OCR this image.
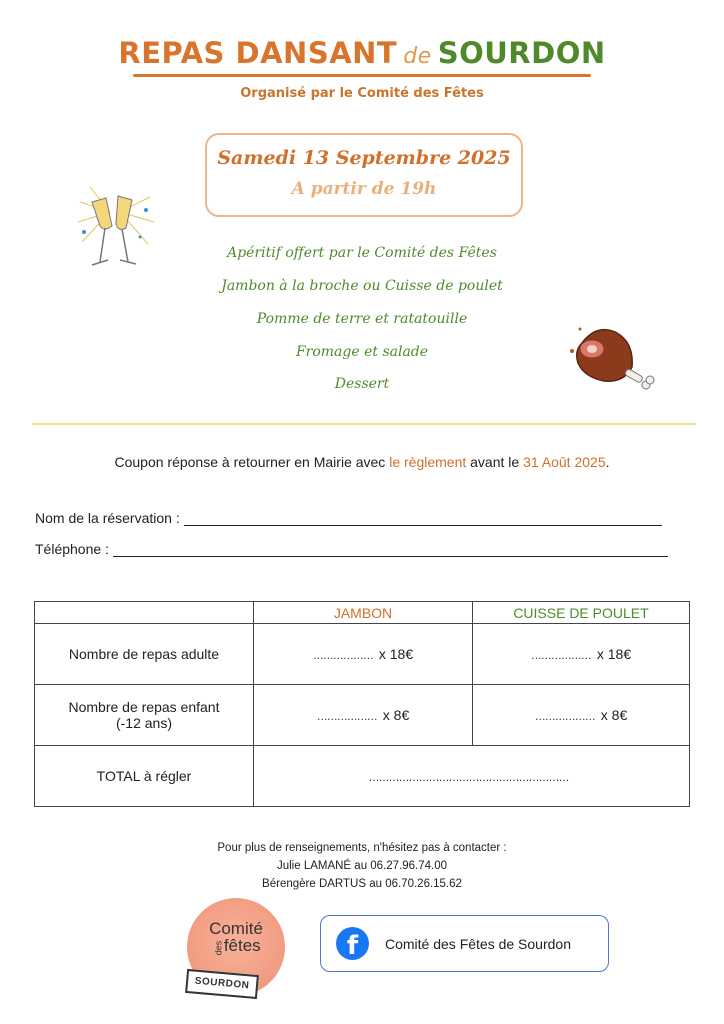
REPAS DANSANT de SOURDON
Organisé par le Comité des Fêtes
Samedi 13 Septembre 2025
A partir de 19h
Apéritif offert par le Comité des Fêtes
Jambon à la broche ou Cuisse de poulet
Pomme de terre et ratatouille
Fromage et salade
Dessert
Coupon réponse à retourner en Mairie avec le règlement avant le 31 Août 2025.
Nom de la réservation :
Téléphone :
	JAMBON	CUISSE DE POULET
Nombre de repas adulte	……………… x 18€	……………… x 18€

Nombre de repas enfant
(-12 ans)	……………… x 8€	……………… x 8€
TOTAL à régler	……………………………………………………	
Pour plus de renseignements, n'hésitez pas à contacter :
Julie LAMANÉ au 06.27.96.74.00
Bérengère DARTUS au 06.70.26.15.62
Comité
desfêtes
SOURDON
f	Comité des Fêtes de Sourdon
